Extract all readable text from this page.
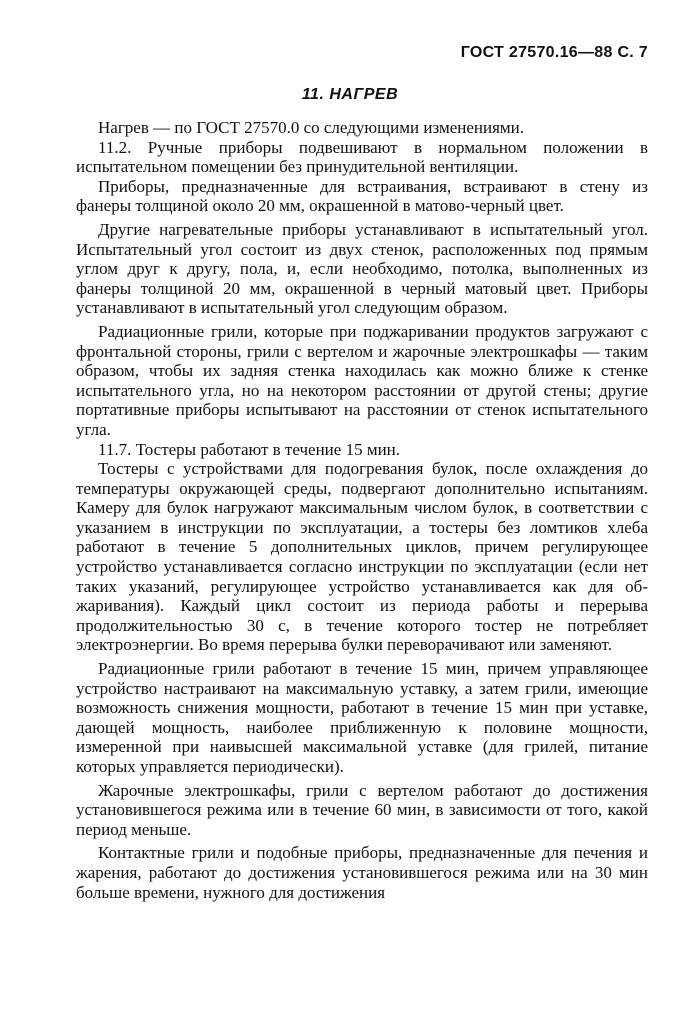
ГОСТ 27570.16—88 С. 7
11. НАГРЕВ

Нагрев — по ГОСТ 27570.0 со следующими изменениями.

11.2. Ручные приборы подвешивают в нормальном положении в испытательном помещении без принудительной вентиляции.

Приборы, предназначенные для встраивания, встраивают в стену из фанеры толщиной около 20 мм, окрашенной в матово-черный цвет.

Другие нагревательные приборы устанавливают в испытательный угол. Испытательный угол состоит из двух стенок, расположенных под прямым углом друг к другу, пола, и, если необходимо, потолка, выполненных из фанеры толщиной 20 мм, окрашенной в черный матовый цвет. Приборы устанавливают в испытательный угол следующим образом.

Радиационные грили, которые при поджаривании продуктов загружают с фронтальной стороны, грили с вертелом и жарочные электрошкафы — таким образом, чтобы их задняя стенка находилась как можно ближе к стенке испытательного угла, но на некотором расстоянии от другой стены; другие портативные приборы испытывают на расстоянии от стенок испытательного угла.

11.7. Тостеры работают в течение 15 мин.

Тостеры с устройствами для подогревания булок, после охлаждения до температуры окружающей среды, подвергают дополнительно испытаниям. Камеру для булок нагружают максимальным числом булок, в соответствии с указанием в инструкции по эксплуатации, а тостеры без ломтиков хлеба работают в течение 5 дополнительных циклов, причем регулирующее устройство устанавливается согласно инструкции по эксплуатации (если нет таких указаний, регулирующее устройство устанавливается как для обжаривания). Каждый цикл состоит из периода работы и перерыва продолжительностью 30 с, в течение которого тостер не потребляет электроэнергии. Во время перерыва булки переворачивают или заменяют.

Радиационные грили работают в течение 15 мин, причем управляющее устройство настраивают на максимальную уставку, а затем грили, имеющие возможность снижения мощности, работают в течение 15 мин при уставке, дающей мощность, наиболее приближенную к половине мощности, измеренной при наивысшей максимальной уставке (для грилей, питание которых управляется периодически).

Жарочные электрошкафы, грили с вертелом работают до достижения установившегося режима или в течение 60 мин, в зависимости от того, какой период меньше.

Контактные грили и подобные приборы, предназначенные для печения и жарения, работают до достижения установившегося режима или на 30 мин больше времени, нужного для достижения
